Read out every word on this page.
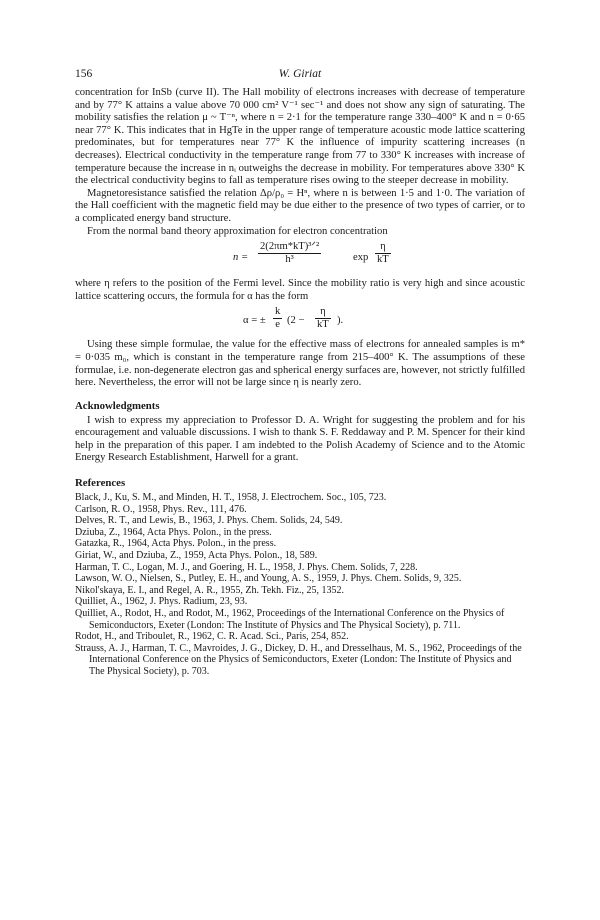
156	W. Giriat

concentration for InSb (curve II). The Hall mobility of electrons increases with decrease of temperature and by 77° K attains a value above 70 000 cm² V⁻¹ sec⁻¹ and does not show any sign of saturating. The mobility satisfies the relation μ ~ T⁻ⁿ, where n = 2·1 for the temperature range 330–400° K and n = 0·65 near 77° K. This indicates that in HgTe in the upper range of temperature acoustic mode lattice scattering predominates, but for temperatures near 77° K the influence of impurity scattering increases (n decreases). Electrical conductivity in the temperature range from 77 to 330° K increases with increase of temperature because the increase in nᵢ outweighs the decrease in mobility. For temperatures above 330° K the electrical conductivity begins to fall as temperature rises owing to the steeper decrease in mobility.

Magnetoresistance satisfied the relation Δρ/ρ₀ = Hⁿ, where n is between 1·5 and 1·0. The variation of the Hall coefficient with the magnetic field may be due either to the presence of two types of carrier, or to a complicated energy band structure.

From the normal band theory approximation for electron concentration

n =
2(2πm*kT)³ᐟ²
h³	$\exp \frac{\eta}{kT}$

where η refers to the position of the Fermi level. Since the mobility ratio is very high and since acoustic lattice scattering occurs, the formula for α has the form

α = ± $\frac{k}{e} (2 - \frac{\eta}{kT}$ ).

Using these simple formulae, the value for the effective mass of electrons for annealed samples is m* = 0·035 m₀, which is constant in the temperature range from 215–400° K. The assumptions of these formulae, i.e. non-degenerate electron gas and spherical energy surfaces are, however, not strictly fulfilled here. Nevertheless, the error will not be large since η is nearly zero.

Acknowledgments

I wish to express my appreciation to Professor D. A. Wright for suggesting the problem and for his encouragement and valuable discussions. I wish to thank S. F. Reddaway and P. M. Spencer for their kind help in the preparation of this paper. I am indebted to the Polish Academy of Science and to the Atomic Energy Research Establishment, Harwell for a grant.

References
Black, J., Ku, S. M., and Minden, H. T., 1958, J. Electrochem. Soc., 105, 723.
Carlson, R. O., 1958, Phys. Rev., 111, 476.
Delves, R. T., and Lewis, B., 1963, J. Phys. Chem. Solids, 24, 549.
Dziuba, Z., 1964, Acta Phys. Polon., in the press.
Gatazka, R., 1964, Acta Phys. Polon., in the press.
Giriat, W., and Dziuba, Z., 1959, Acta Phys. Polon., 18, 589.
Harman, T. C., Logan, M. J., and Goering, H. L., 1958, J. Phys. Chem. Solids, 7, 228.
Lawson, W. O., Nielsen, S., Putley, E. H., and Young, A. S., 1959, J. Phys. Chem. Solids, 9, 325.
Nikol'skaya, E. I., and Regel, A. R., 1955, Zh. Tekh. Fiz., 25, 1352.
Quilliet, A., 1962, J. Phys. Radium, 23, 93.
Quilliet, A., Rodot, H., and Rodot, M., 1962, Proceedings of the International Conference on the Physics of Semiconductors, Exeter (London: The Institute of Physics and The Physical Society), p. 711.
Rodot, H., and Triboulet, R., 1962, C. R. Acad. Sci., Paris, 254, 852.
Strauss, A. J., Harman, T. C., Mavroides, J. G., Dickey, D. H., and Dresselhaus, M. S., 1962, Proceedings of the International Conference on the Physics of Semiconductors, Exeter (London: The Institute of Physics and The Physical Society), p. 703.
